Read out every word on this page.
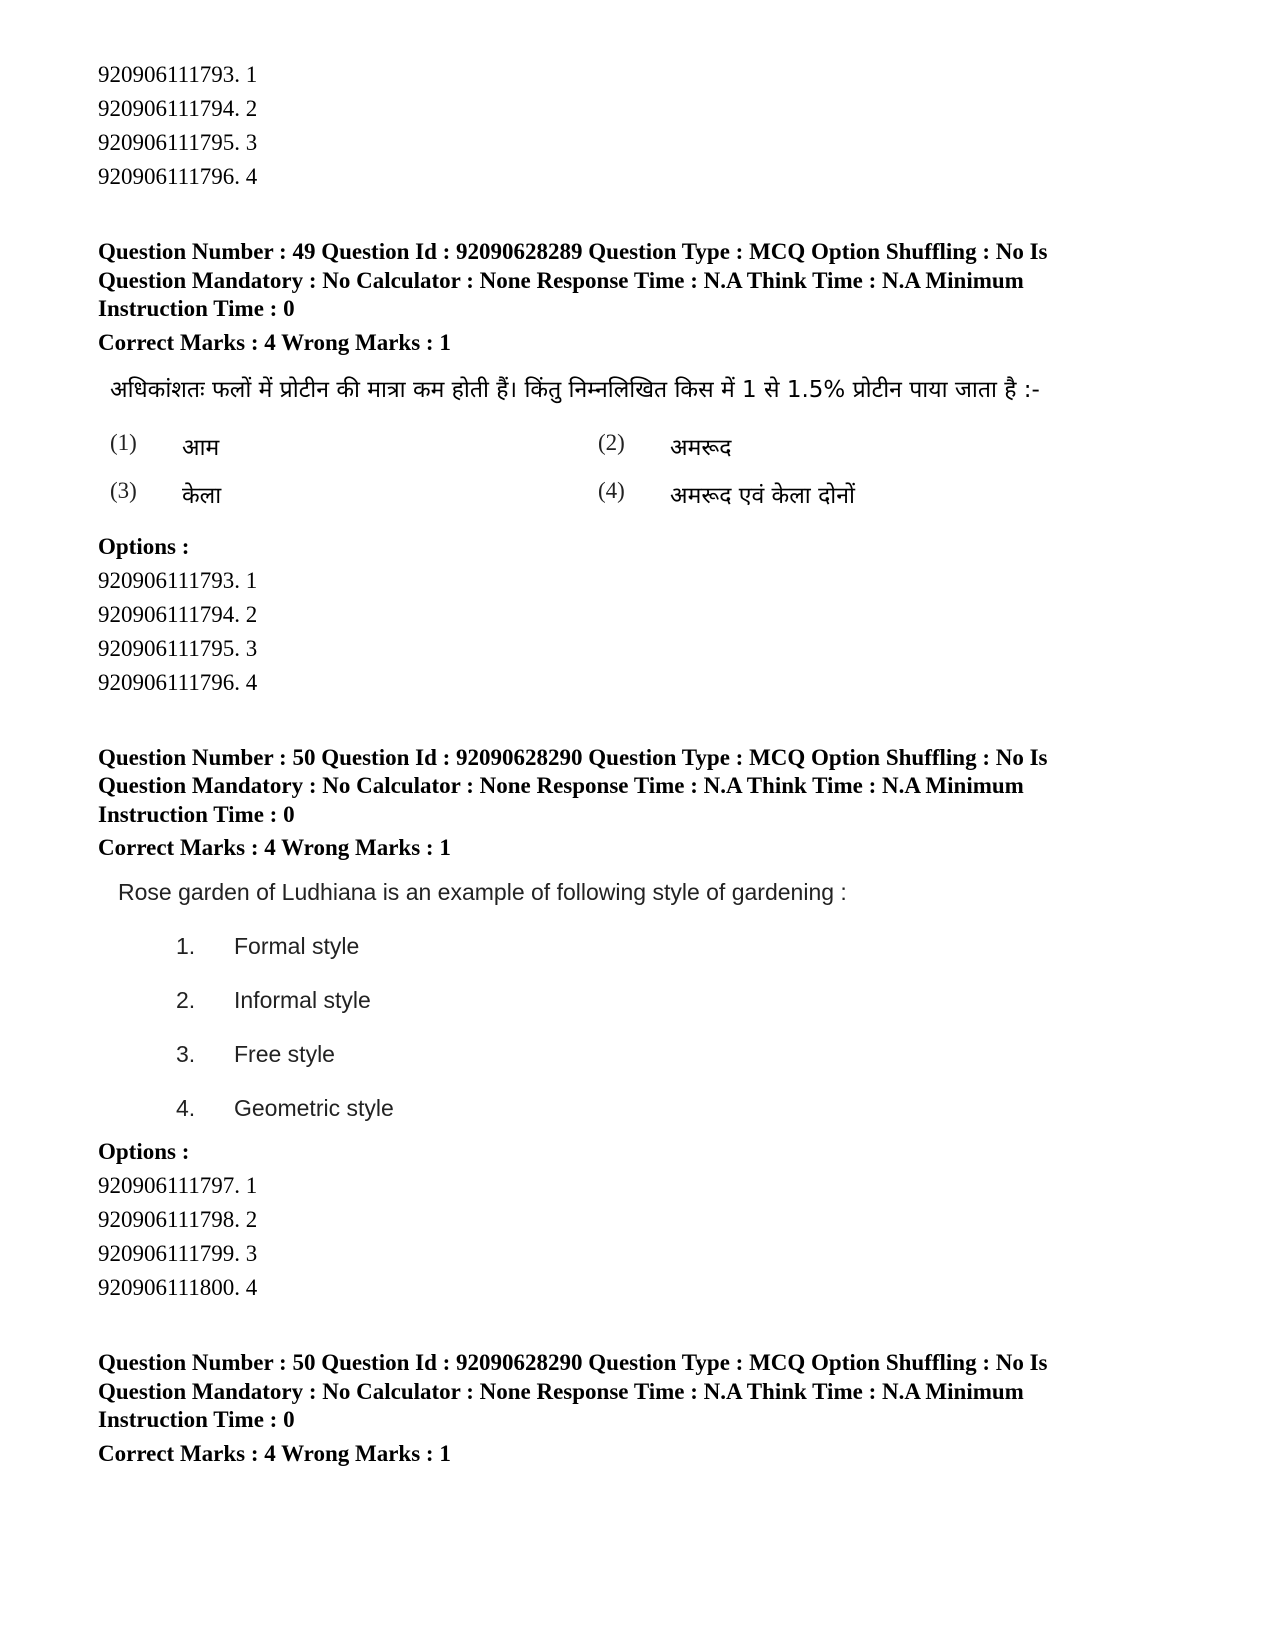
920906111793. 1
920906111794. 2
920906111795. 3
920906111796. 4
Question Number : 49 Question Id : 92090628289 Question Type : MCQ Option Shuffling : No Is
Question Mandatory : No Calculator : None Response Time : N.A Think Time : N.A Minimum
Instruction Time : 0
Correct Marks : 4 Wrong Marks : 1
अधिकांशतः फलों में प्रोटीन की मात्रा कम होती हैं। किंतु निम्नलिखित किस में 1 से 1.5% प्रोटीन पाया जाता है :-
(1)	आम	(2)	अमरूद
(3)	केला	(4)	अमरूद एवं केला दोनों
Options :
920906111793. 1
920906111794. 2
920906111795. 3
920906111796. 4
Question Number : 50 Question Id : 92090628290 Question Type : MCQ Option Shuffling : No Is
Question Mandatory : No Calculator : None Response Time : N.A Think Time : N.A Minimum
Instruction Time : 0
Correct Marks : 4 Wrong Marks : 1
Rose garden of Ludhiana is an example of following style of gardening :
1.	Formal style
2.	Informal style
3.	Free style
4.	Geometric style
Options :
920906111797. 1
920906111798. 2
920906111799. 3
920906111800. 4
Question Number : 50 Question Id : 92090628290 Question Type : MCQ Option Shuffling : No Is
Question Mandatory : No Calculator : None Response Time : N.A Think Time : N.A Minimum
Instruction Time : 0
Correct Marks : 4 Wrong Marks : 1
